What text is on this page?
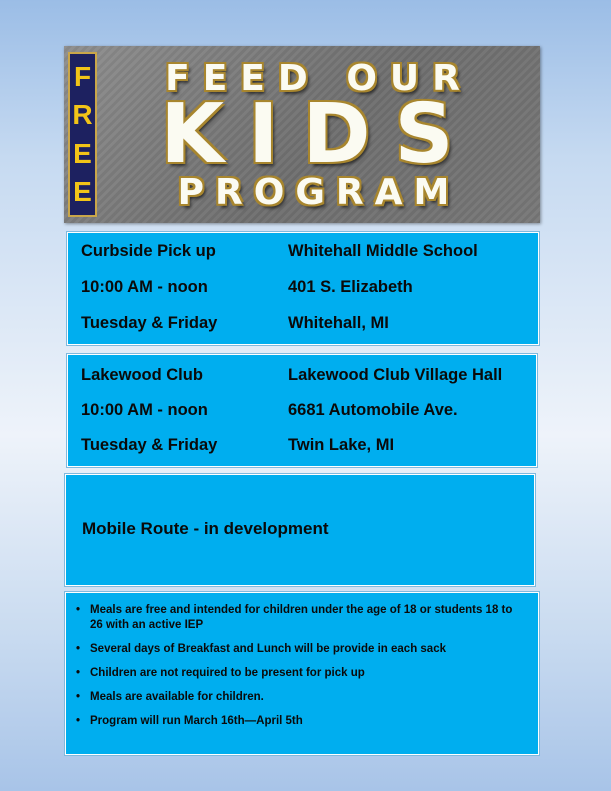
F
R
E
E
FEED OUR
KIDS
PROGRAM
Curbside Pick up
10:00 AM - noon
Tuesday & Friday
Whitehall Middle School
401 S. Elizabeth
Whitehall, MI
Lakewood Club
10:00 AM - noon
Tuesday & Friday
Lakewood Club Village Hall
6681 Automobile Ave.
Twin Lake, MI
Mobile Route - in development
• Meals are free and intended for children under the age of 18 or students 18 to 26 with an active IEP
• Several days of Breakfast and Lunch will be provide in each sack
• Children are not required to be present for pick up
• Meals are available for children.
• Program will run March 16th—April 5th
